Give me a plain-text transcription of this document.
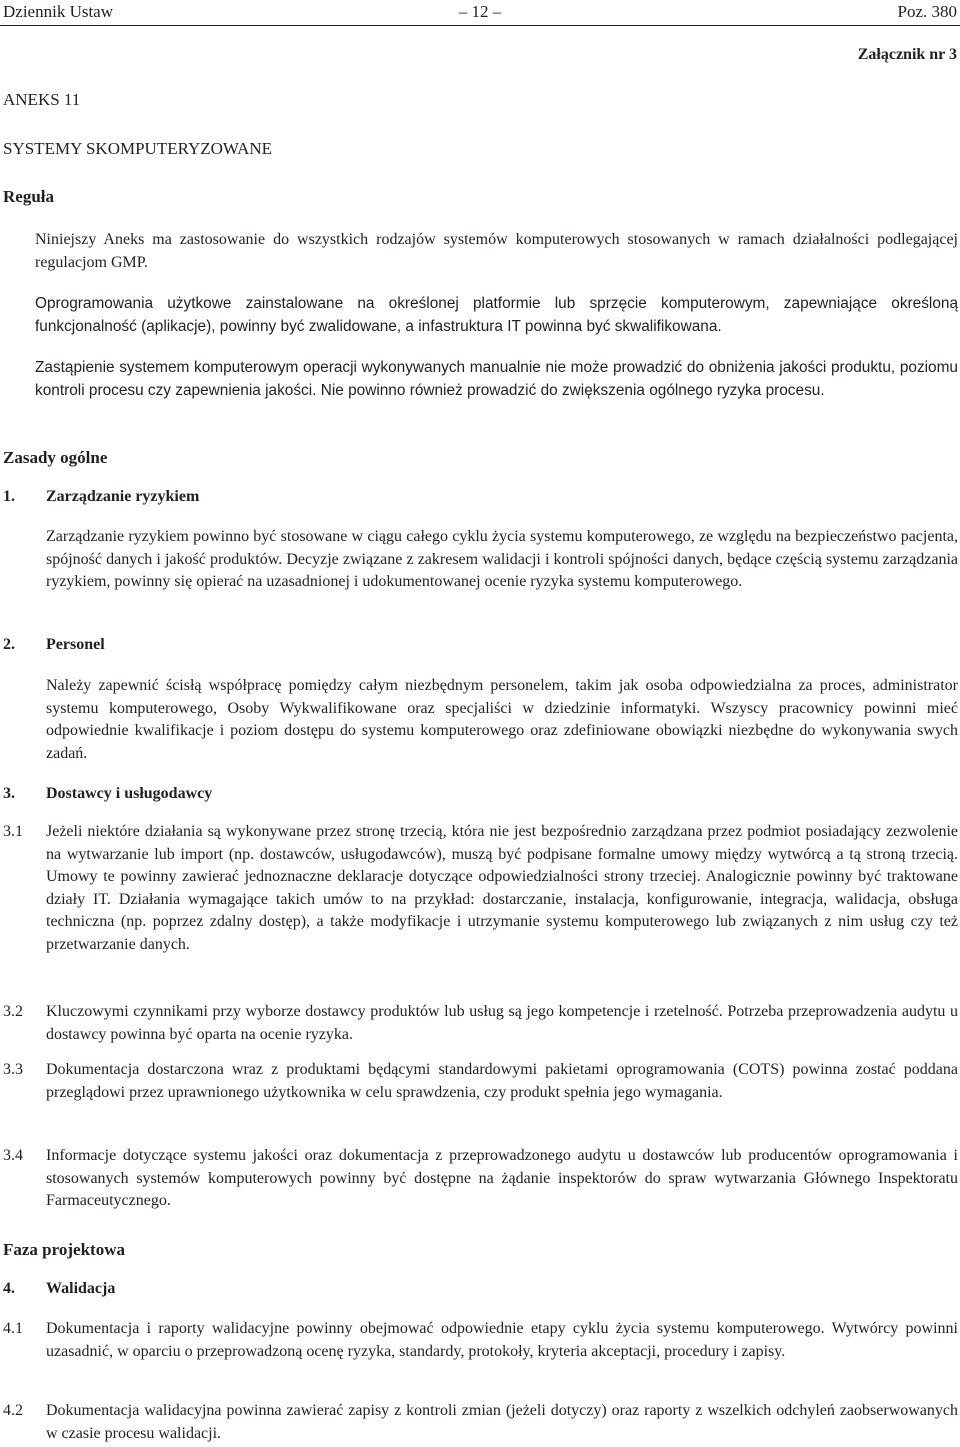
Dziennik Ustaw	– 12 –	Poz. 380
Załącznik nr 3
ANEKS 11
SYSTEMY SKOMPUTERYZOWANE
Reguła
Niniejszy Aneks ma zastosowanie do wszystkich rodzajów systemów komputerowych stosowanych w ramach działalności podlegającej regulacjom GMP.
Oprogramowania użytkowe zainstalowane na określonej platformie lub sprzęcie komputerowym, zapewniające określoną funkcjonalność (aplikacje), powinny być zwalidowane, a infastruktura IT powinna być skwalifikowana.
Zastąpienie systemem komputerowym operacji wykonywanych manualnie nie może prowadzić do obniżenia jakości produktu, poziomu kontroli procesu czy zapewnienia jakości. Nie powinno również prowadzić do zwiększenia ogólnego ryzyka procesu.
Zasady ogólne
1. Zarządzanie ryzykiem
Zarządzanie ryzykiem powinno być stosowane w ciągu całego cyklu życia systemu komputerowego, ze względu na bezpieczeństwo pacjenta, spójność danych i jakość produktów. Decyzje związane z zakresem walidacji i kontroli spójności danych, będące częścią systemu zarządzania ryzykiem, powinny się opierać na uzasadnionej i udokumentowanej ocenie ryzyka systemu komputerowego.
2. Personel
Należy zapewnić ścisłą współpracę pomiędzy całym niezbędnym personelem, takim jak osoba odpowiedzialna za proces, administrator systemu komputerowego, Osoby Wykwalifikowane oraz specjaliści w dziedzinie informatyki. Wszyscy pracownicy powinni mieć odpowiednie kwalifikacje i poziom dostępu do systemu komputerowego oraz zdefiniowane obowiązki niezbędne do wykonywania swych zadań.
3. Dostawcy i usługodawcy
3.1 Jeżeli niektóre działania są wykonywane przez stronę trzecią, która nie jest bezpośrednio zarządzana przez podmiot posiadający zezwolenie na wytwarzanie lub import (np. dostawców, usługodawców), muszą być podpisane formalne umowy między wytwórcą a tą stroną trzecią. Umowy te powinny zawierać jednoznaczne deklaracje dotyczące odpowiedzialności strony trzeciej. Analogicznie powinny być traktowane działy IT. Działania wymagające takich umów to na przykład: dostarczanie, instalacja, konfigurowanie, integracja, walidacja, obsługa techniczna (np. poprzez zdalny dostęp), a także modyfikacje i utrzymanie systemu komputerowego lub związanych z nim usług czy też przetwarzanie danych.
3.2 Kluczowymi czynnikami przy wyborze dostawcy produktów lub usług są jego kompetencje i rzetelność. Potrzeba przeprowadzenia audytu u dostawcy powinna być oparta na ocenie ryzyka.
3.3 Dokumentacja dostarczona wraz z produktami będącymi standardowymi pakietami oprogramowania (COTS) powinna zostać poddana przeglądowi przez uprawnionego użytkownika w celu sprawdzenia, czy produkt spełnia jego wymagania.
3.4 Informacje dotyczące systemu jakości oraz dokumentacja z przeprowadzonego audytu u dostawców lub producentów oprogramowania i stosowanych systemów komputerowych powinny być dostępne na żądanie inspektorów do spraw wytwarzania Głównego Inspektoratu Farmaceutycznego.
Faza projektowa
4. Walidacja
4.1 Dokumentacja i raporty walidacyjne powinny obejmować odpowiednie etapy cyklu życia systemu komputerowego. Wytwórcy powinni uzasadnić, w oparciu o przeprowadzoną ocenę ryzyka, standardy, protokoły, kryteria akceptacji, procedury i zapisy.
4.2 Dokumentacja walidacyjna powinna zawierać zapisy z kontroli zmian (jeżeli dotyczy) oraz raporty z wszelkich odchyleń zaobserwowanych w czasie procesu walidacji.
